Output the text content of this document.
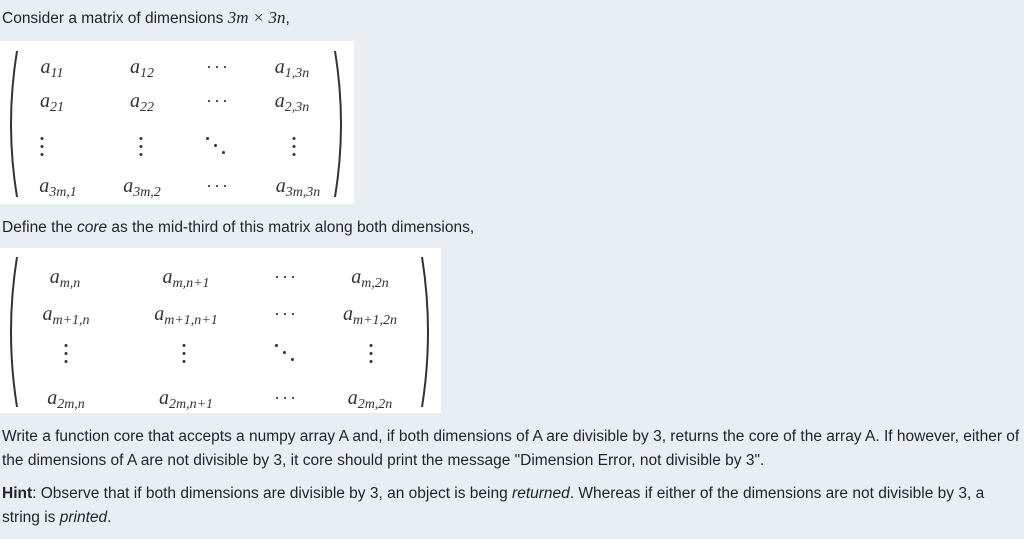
Consider a matrix of dimensions 3m × 3n,
$a_{11}$	$a_{12}$	··· $a_{1,3n}$
$a_{21}$	$a_{22}$	··· $a_{2,3n}$
$a_{3m,1}$ $a_{3m,2}$	··· $a_{3m,3n}$
Define the core as the mid-third of this matrix along both dimensions,
$a_{m,n}$	$a_{m,n+1}$	···	$a_{m,2n}$
$a_{m+1,n}$	$a_{m+1,n+1}$	··· $a_{m+1,2n}$
$a_{2m,n}$	$a_{2m,n+1}$	··· $a_{2m,2n}$
Write a function core that accepts a numpy array A and, if both dimensions of A are divisible by 3, returns the core of the array A. If however, either of the dimensions of A are not divisible by 3, it core should print the message "Dimension Error, not divisible by 3".
Hint: Observe that if both dimensions are divisible by 3, an object is being returned. Whereas if either of the dimensions are not divisible by 3, a string is printed.
